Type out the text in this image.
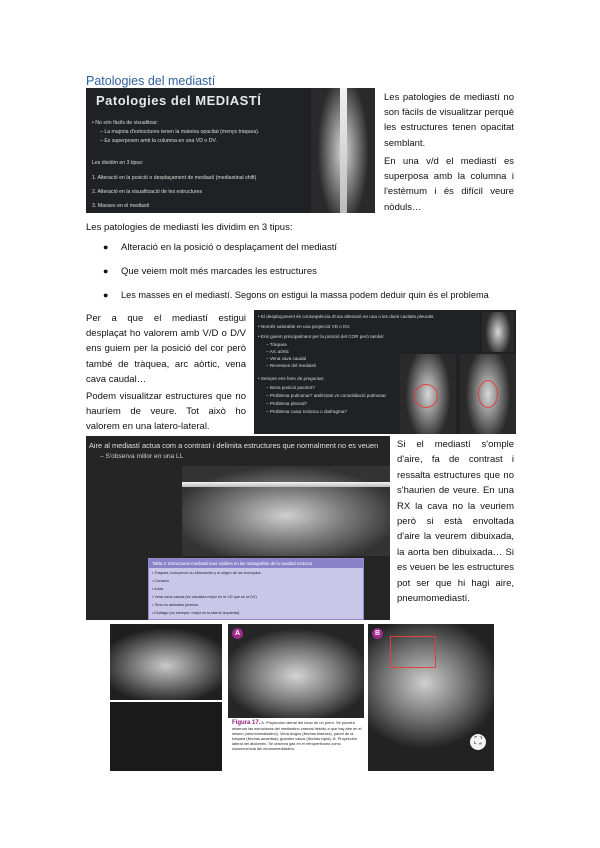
Patologies del mediastí
Patologies del MEDIASTÍ
• No són fàcils de visualitzar:
– La majoria d'estructures tenen la mateixa opacitat (menys tràquea).
– Es superposen amb la columna en una VD o DV.
Les dividim en 3 tipus:
1. Alteració en la posició o desplaçament de mediastí (mediastinal shift)
2. Alteració en la visualització de les estructures
3. Masses en el mediastí
Les patologies de mediastí no son fàcils de visualitzar perquè les estructures tenen opacitat semblant.
En una v/d el mediastí es superposa amb la columna i l'estèmum i és difícil veure nòduls…
Les patologies de mediastí les dividim en 3 tipus:
● Alteració en la posició o desplaçament del mediastí
● Que veiem molt més marcades les estructures
● Les masses en el mediastí. Segons on estigui la massa podem deduir quin és el problema
Per a que el mediastí estigui desplaçat ho valorem amb V/D o D/V ens guiem per la posició del cor però també de tràquea, arc aòrtic, vena cava caudal…
Podem visualitzar estructures que no hauríem de veure. Tot això ho valorem en una latero-lateral.
• El desplaçament és conseqüència d'una alteració en una o les dues cavitats pleurals
• Només valorable en una projecció VD o DV.
• Ens guiem principalment per la posició del COR però també:
– Tràquea
– Arc aòrtic
– Vena cava caudal
– Recessos del mediastí
• Sempre ens hem de preguntar:
– Bona posició pacient?
– Problema pulmonar? atelèctasi vs consolidació pulmonar
– Problema pleural?
– Problema caixa toràcica o diafragma?
Aire al mediastí actua com a contrast i delimita estructures que normalment no es veuen
– S'observa millor en una LL
Tabla 2. Estructuras mediastínicas visibles en las radiografías de la cavidad torácica
• Tráquea, incluyendo su bifurcación y el origen de los bronquios
• Corazón
• Aorta
• Vena cava caudal (se visualiza mejor en la VD que en la DV)
• Timo en animales jóvenes
• Esófago (no siempre, mejor en la lateral izquierda)
Si el mediastí s'omple d'aire, fa de contrast i ressalta estructures que no s'haurien de veure. En una RX la cava no la veuriem però si està envoltada d'aire la veurem dibuixada, la aorta ben dibuixada… Si es veuen be les estructures pot ser que hi hagi aire, pneumomediastí.
A
Figura 17. A. Proyección lateral del tórax de un perro. Se pueden observar las estructuras del mediastino craneal debido a que hay aire en el mismo (neumomediastino). Vena ácigos (flechas blancas), pared de la tráquea (flechas amarillas), grandes vasos (flechas rojas). B. Proyección lateral del abdomen. Se observa gas en el retroperitoneo como consecuencia del neumomediastino.
B
⛶
